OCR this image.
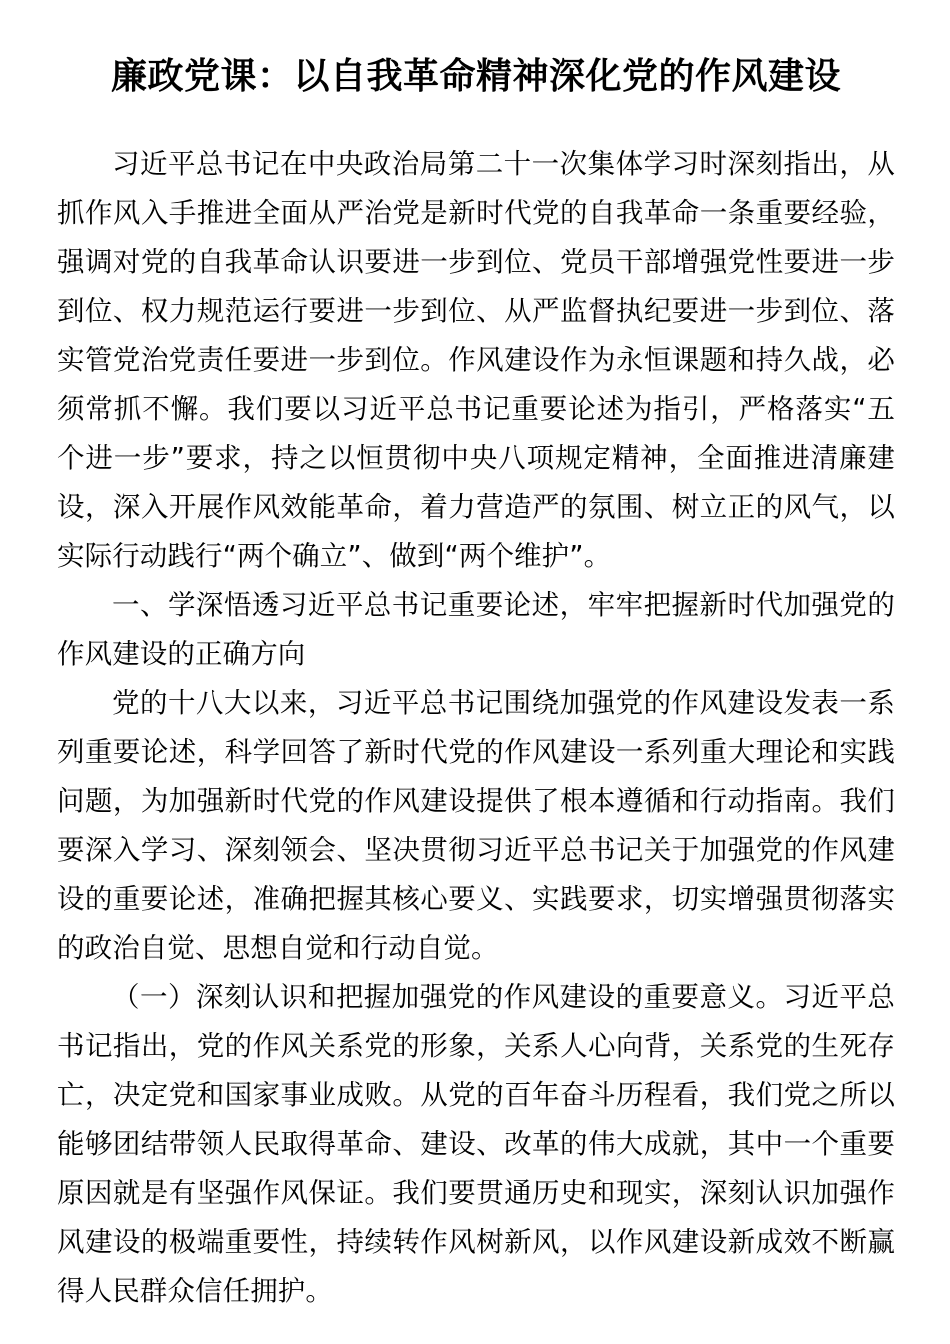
廉政党课：以自我革命精神深化党的作风建设

习近平总书记在中央政治局第二十一次集体学习时深刻指出，从抓作风入手推进全面从严治党是新时代党的自我革命一条重要经验，强调对党的自我革命认识要进一步到位、党员干部增强党性要进一步到位、权力规范运行要进一步到位、从严监督执纪要进一步到位、落实管党治党责任要进一步到位。作风建设作为永恒课题和持久战，必须常抓不懈。我们要以习近平总书记重要论述为指引，严格落实“五个进一步”要求，持之以恒贯彻中央八项规定精神，全面推进清廉建设，深入开展作风效能革命，着力营造严的氛围、树立正的风气，以实际行动践行“两个确立”、做到“两个维护”。

一、学深悟透习近平总书记重要论述，牢牢把握新时代加强党的作风建设的正确方向

党的十八大以来，习近平总书记围绕加强党的作风建设发表一系列重要论述，科学回答了新时代党的作风建设一系列重大理论和实践问题，为加强新时代党的作风建设提供了根本遵循和行动指南。我们要深入学习、深刻领会、坚决贯彻习近平总书记关于加强党的作风建设的重要论述，准确把握其核心要义、实践要求，切实增强贯彻落实的政治自觉、思想自觉和行动自觉。

（一）深刻认识和把握加强党的作风建设的重要意义。习近平总书记指出，党的作风关系党的形象，关系人心向背，关系党的生死存亡，决定党和国家事业成败。从党的百年奋斗历程看，我们党之所以能够团结带领人民取得革命、建设、改革的伟大成就，其中一个重要原因就是有坚强作风保证。我们要贯通历史和现实，深刻认识加强作风建设的极端重要性，持续转作风树新风，以作风建设新成效不断赢得人民群众信任拥护。
